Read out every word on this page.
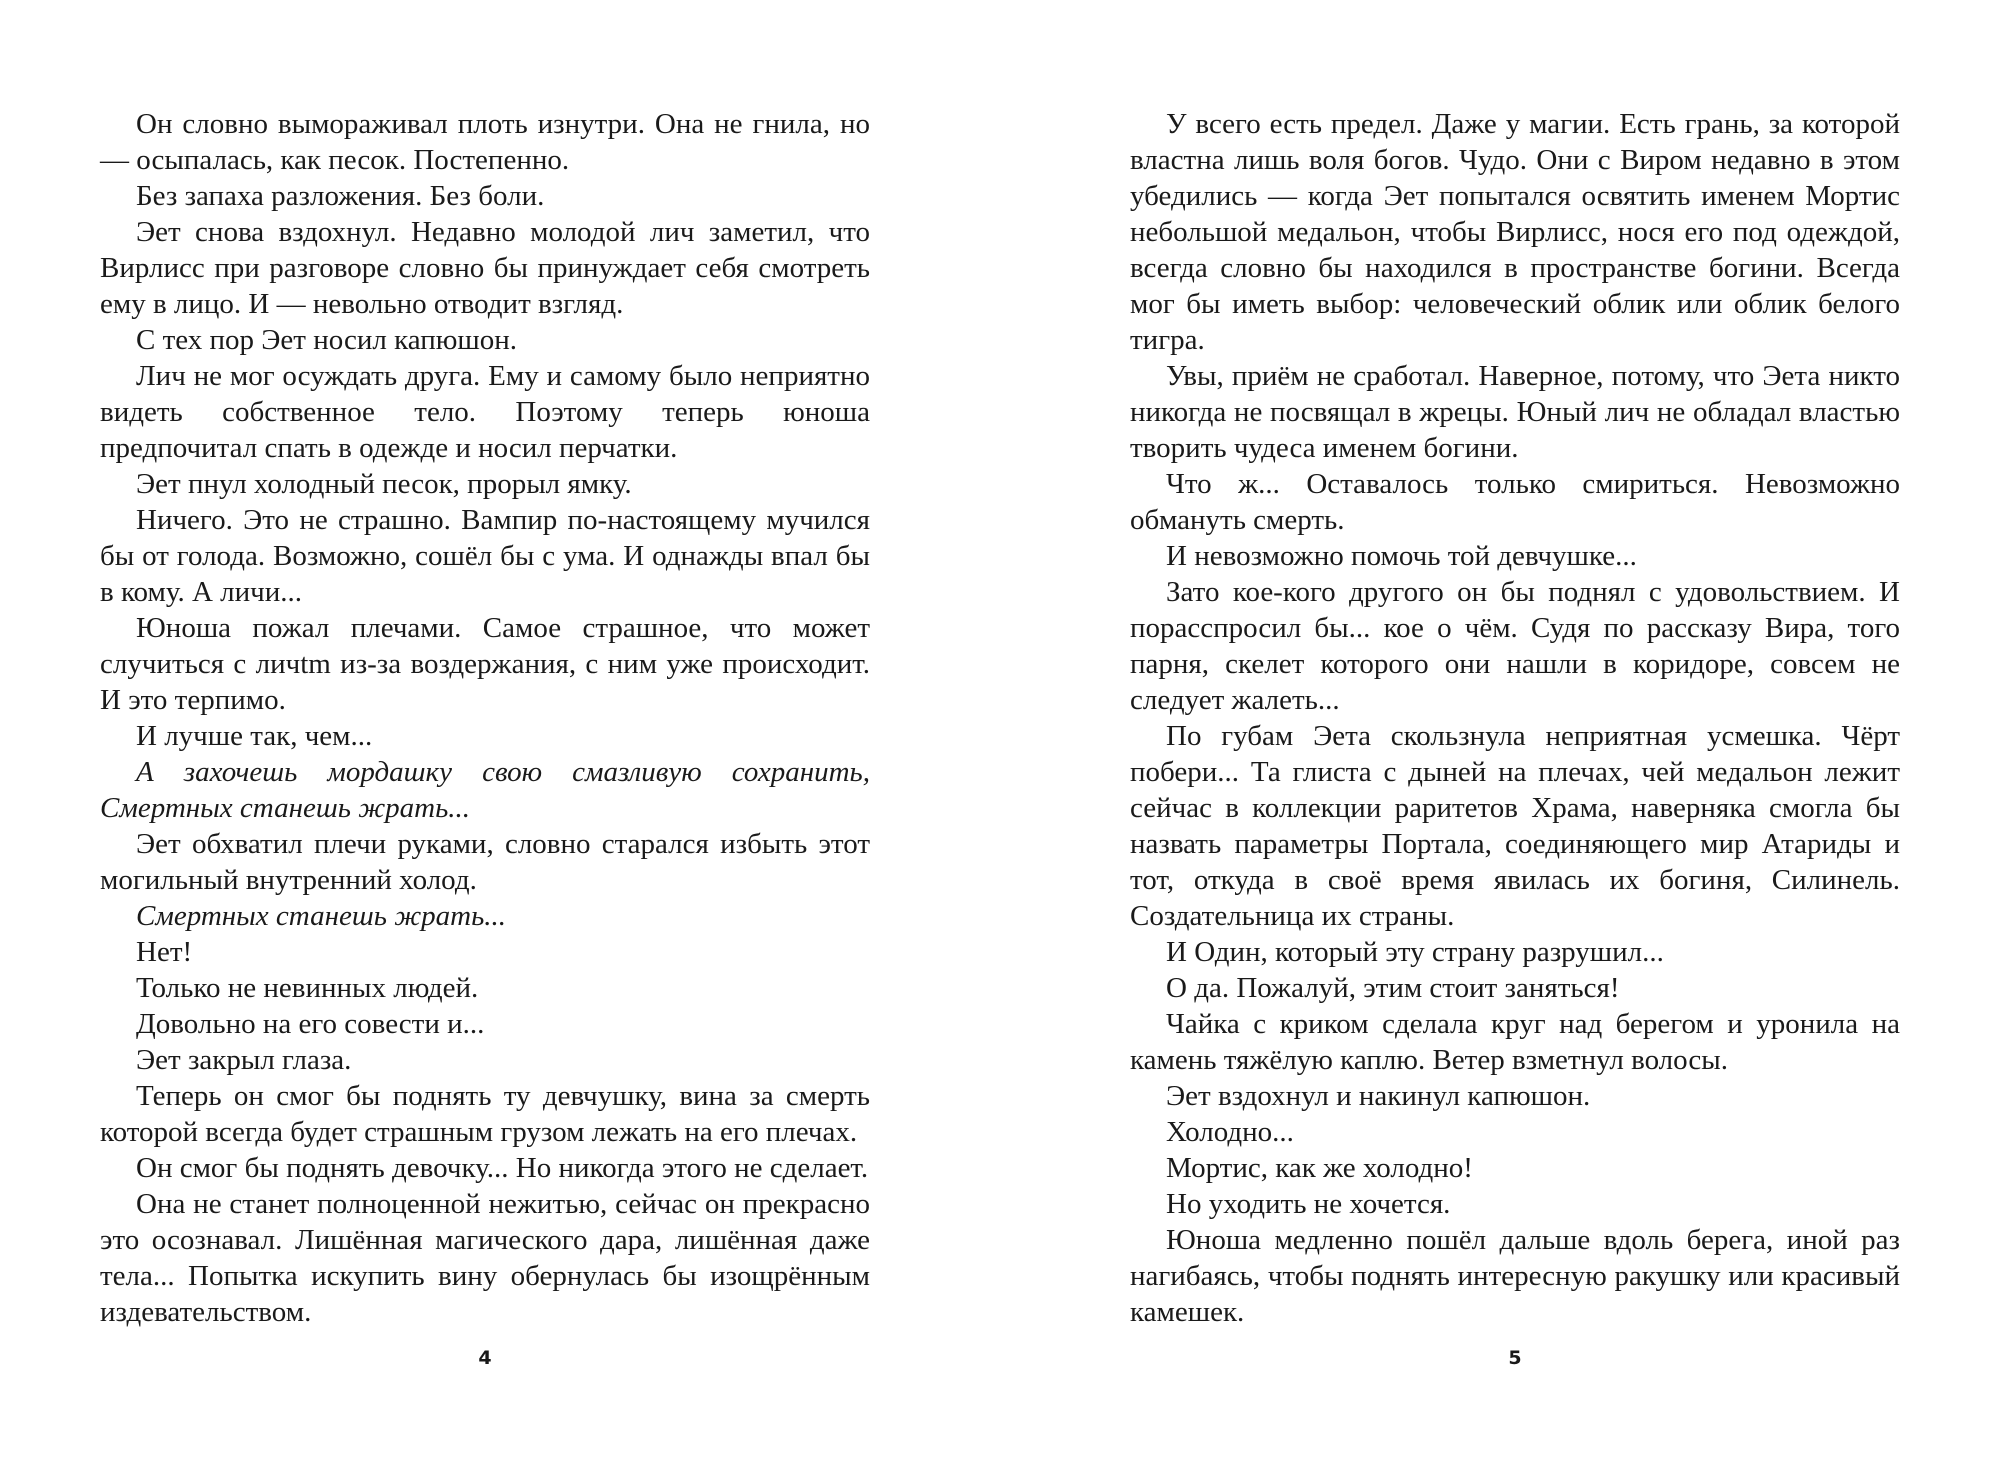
Он словно вымораживал плоть изнутри. Она не гнила, но — осыпалась, как песок. Постепенно.

Без запаха разложения. Без боли.

Эет снова вздохнул. Недавно молодой лич заметил, что Вирлисс при разговоре словно бы принуждает себя смотреть ему в лицо. И — невольно отводит взгляд.

С тех пор Эет носил капюшон.

Лич не мог осуждать друга. Ему и самому было неприятно видеть собственное тело. Поэтому теперь юноша предпочитал спать в одежде и носил перчатки.

Эет пнул холодный песок, прорыл ямку.

Ничего. Это не страшно. Вампир по-настоящему мучился бы от голода. Возможно, сошёл бы с ума. И однажды впал бы в кому. А личи...

Юноша пожал плечами. Самое страшное, что может случиться с личtm из-за воздержания, с ним уже происходит. И это терпимо.

И лучше так, чем...

А захочешь мордашку свою смазливую сохранить, Смертных станешь жрать...

Эет обхватил плечи руками, словно старался избыть этот могильный внутренний холод.

Смертных станешь жрать...

Нет!

Только не невинных людей.

Довольно на его совести и...

Эет закрыл глаза.

Теперь он смог бы поднять ту девчушку, вина за смерть которой всегда будет страшным грузом лежать на его плечах.

Он смог бы поднять девочку... Но никогда этого не сделает.

Она не станет полноценной нежитью, сейчас он прекрасно это осознавал. Лишённая магического дара, лишённая даже тела... Попытка искупить вину обернулась бы изощрённым издевательством.

У всего есть предел. Даже у магии. Есть грань, за которой властна лишь воля богов. Чудо. Они с Виром недавно в этом убедились — когда Эет попытался освятить именем Мортис небольшой медальон, чтобы Вирлисс, нося его под одеждой, всегда словно бы находился в пространстве богини. Всегда мог бы иметь выбор: человеческий облик или облик белого тигра.

Увы, приём не сработал. Наверное, потому, что Эета никто никогда не посвящал в жрецы. Юный лич не обладал властью творить чудеса именем богини.

Что ж... Оставалось только смириться. Невозможно обмануть смерть.

И невозможно помочь той девчушке...

Зато кое-кого другого он бы поднял с удовольствием. И порасспросил бы... кое о чём. Судя по рассказу Вира, того парня, скелет которого они нашли в коридоре, совсем не следует жалеть...

По губам Эета скользнула неприятная усмешка. Чёрт побери... Та глиста с дыней на плечах, чей медальон лежит сейчас в коллекции раритетов Храма, наверняка смогла бы назвать параметры Портала, соединяющего мир Атариды и тот, откуда в своё время явилась их богиня, Силинель. Создательница их страны.

И Один, который эту страну разрушил...

О да. Пожалуй, этим стоит заняться!

Чайка с криком сделала круг над берегом и уронила на камень тяжёлую каплю. Ветер взметнул волосы.

Эет вздохнул и накинул капюшон.

Холодно...

Мортис, как же холодно!

Но уходить не хочется.

Юноша медленно пошёл дальше вдоль берега, иной раз нагибаясь, чтобы поднять интересную ракушку или красивый камешек.

4	5
